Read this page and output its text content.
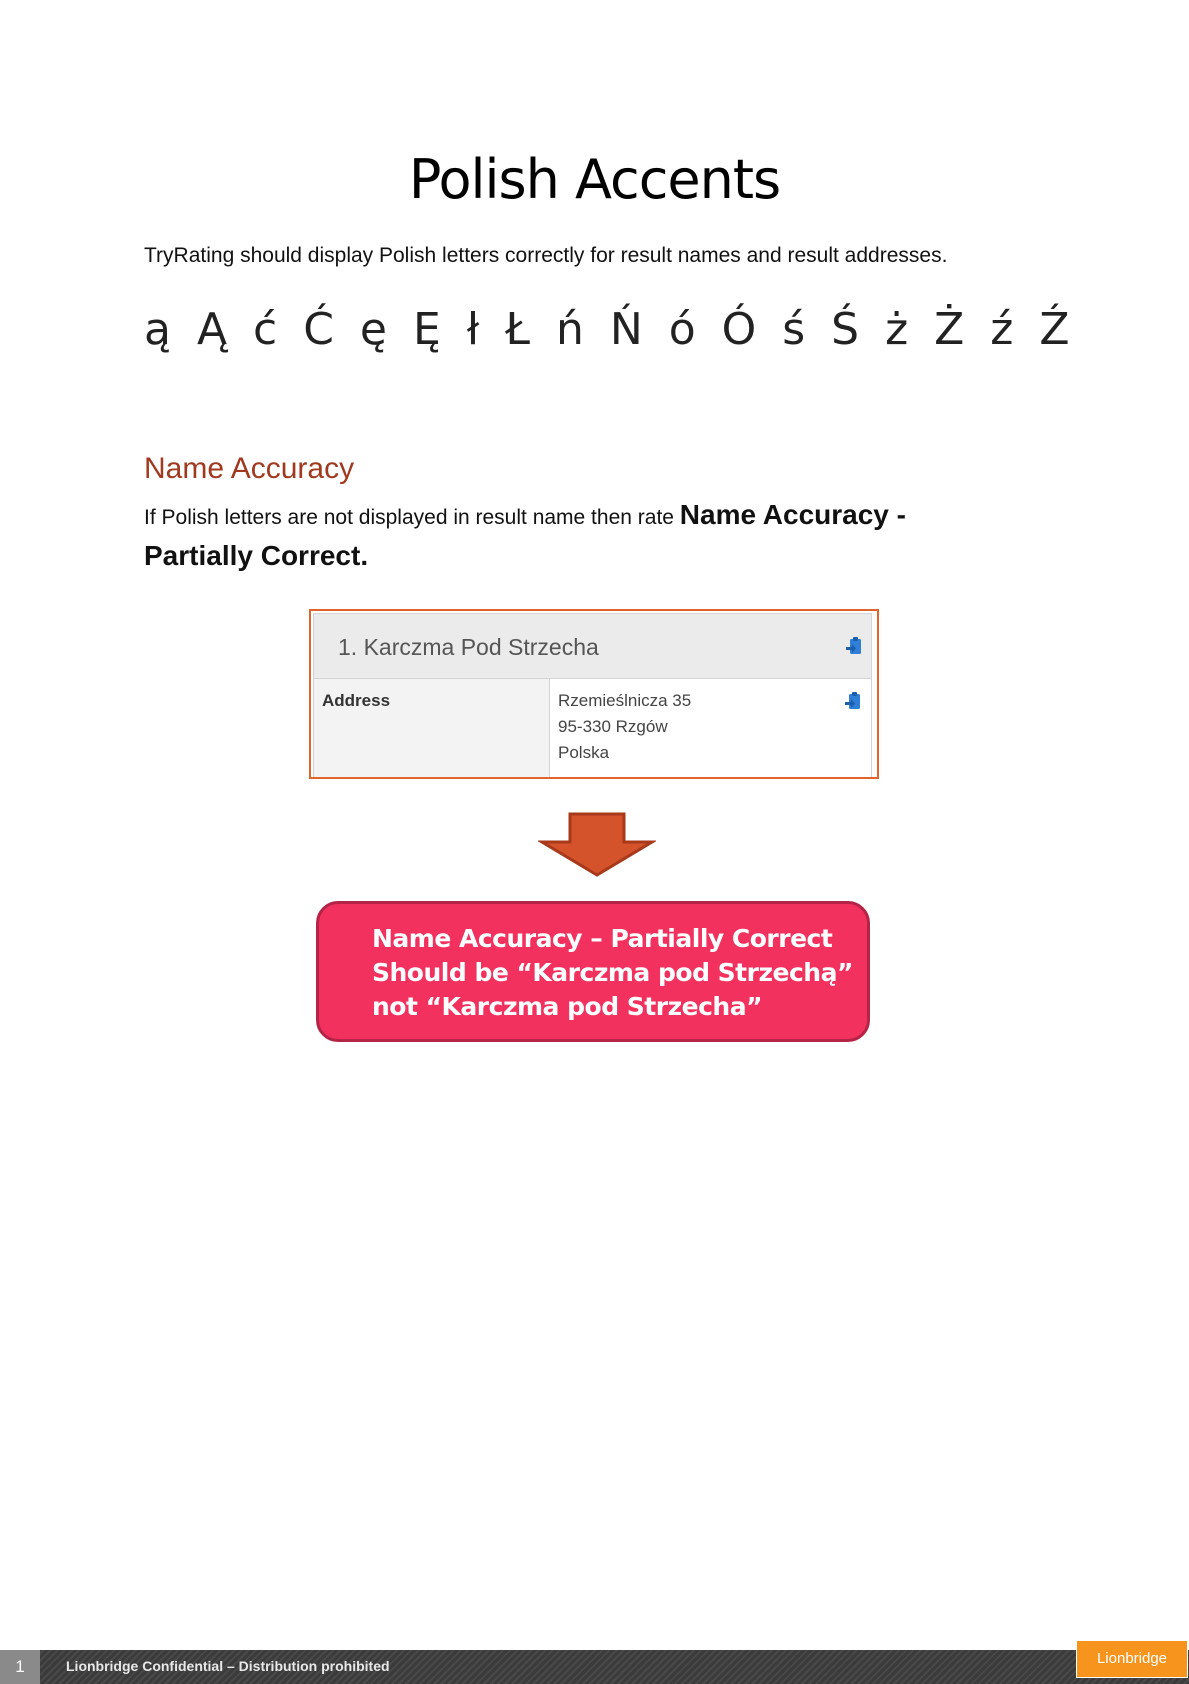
Polish Accents

TryRating should display Polish letters correctly for result names and result addresses.

ą Ą ć Ć ę Ę ł Ł ń Ń ó Ó ś Ś ż Ż ź Ź

Name Accuracy

If Polish letters are not displayed in result name then rate Name Accuracy - Partially Correct.

1. Karczma Pod Strzecha
Address	Rzemieślnicza 35
95-330 Rzgów
Polska
Name Accuracy – Partially Correct
Should be “Karczma pod Strzechą”
not “Karczma pod Strzecha”
1	Lionbridge Confidential – Distribution prohibited	Lionbridge
